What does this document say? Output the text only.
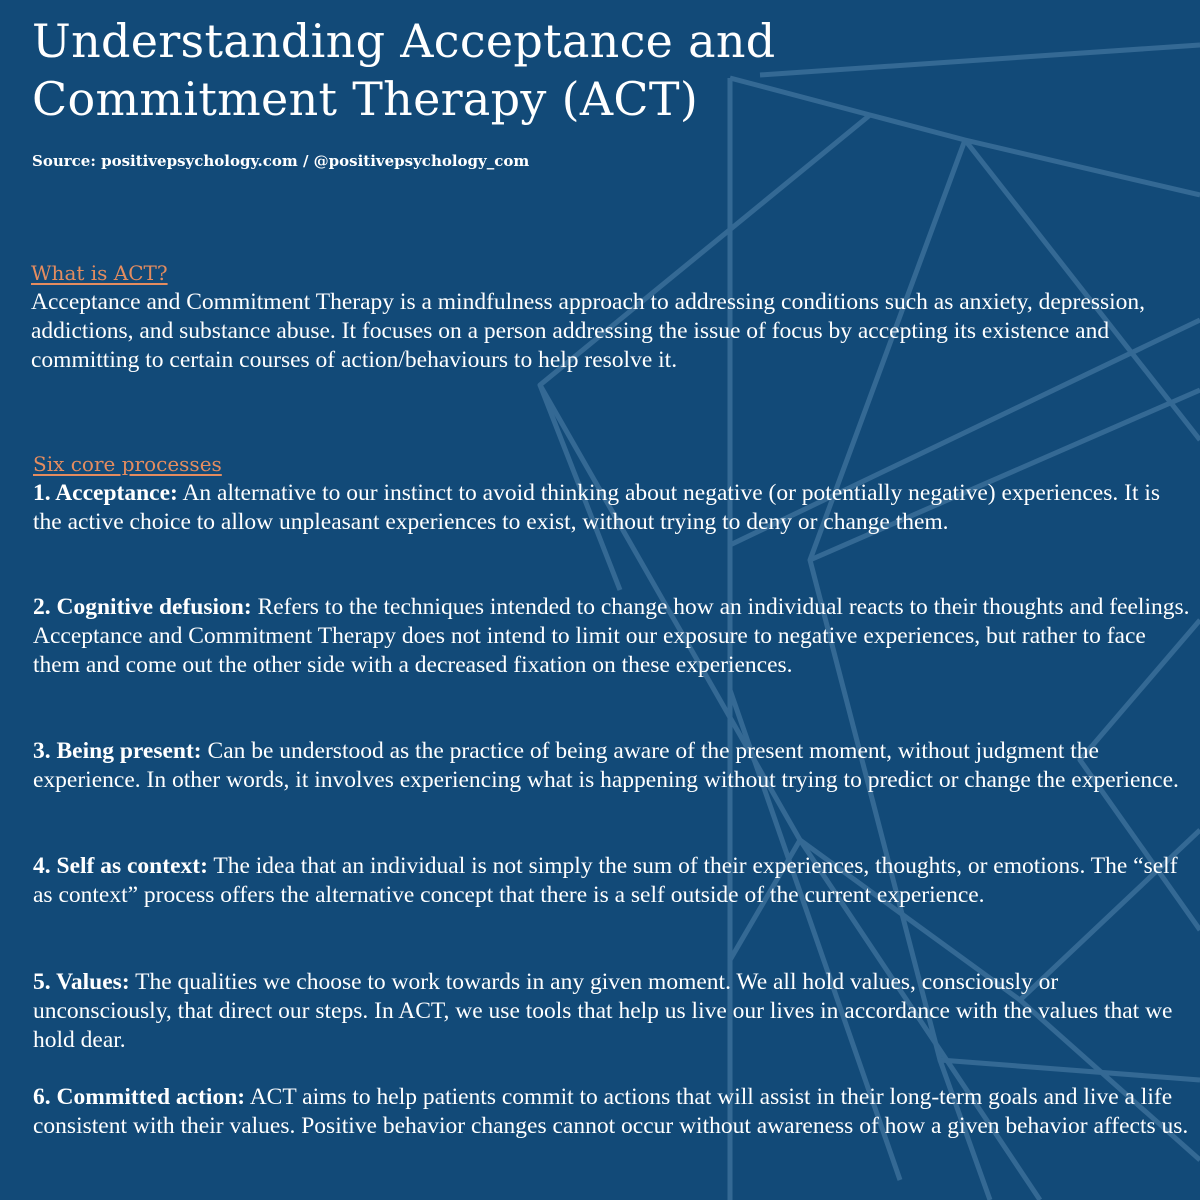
Understanding Acceptance and
Commitment Therapy (ACT)

Source: positivepsychology.com / @positivepsychology_com

What is ACT?

Acceptance and Commitment Therapy is a mindfulness approach to addressing conditions such as anxiety, depression, addictions, and substance abuse. It focuses on a person addressing the issue of focus by accepting its existence and committing to certain courses of action/behaviours to help resolve it.

Six core processes

1. Acceptance: An alternative to our instinct to avoid thinking about negative (or potentially negative) experiences. It is the active choice to allow unpleasant experiences to exist, without trying to deny or change them.

2. Cognitive defusion: Refers to the techniques intended to change how an individual reacts to their thoughts and feelings. Acceptance and Commitment Therapy does not intend to limit our exposure to negative experiences, but rather to face them and come out the other side with a decreased fixation on these experiences.

3. Being present: Can be understood as the practice of being aware of the present moment, without judgment the experience. In other words, it involves experiencing what is happening without trying to predict or change the experience.

4. Self as context: The idea that an individual is not simply the sum of their experiences, thoughts, or emotions. The “self as context” process offers the alternative concept that there is a self outside of the current experience.

5. Values: The qualities we choose to work towards in any given moment. We all hold values, consciously or unconsciously, that direct our steps. In ACT, we use tools that help us live our lives in accordance with the values that we hold dear.

6. Committed action: ACT aims to help patients commit to actions that will assist in their long-term goals and live a life consistent with their values. Positive behavior changes cannot occur without awareness of how a given behavior affects us.
